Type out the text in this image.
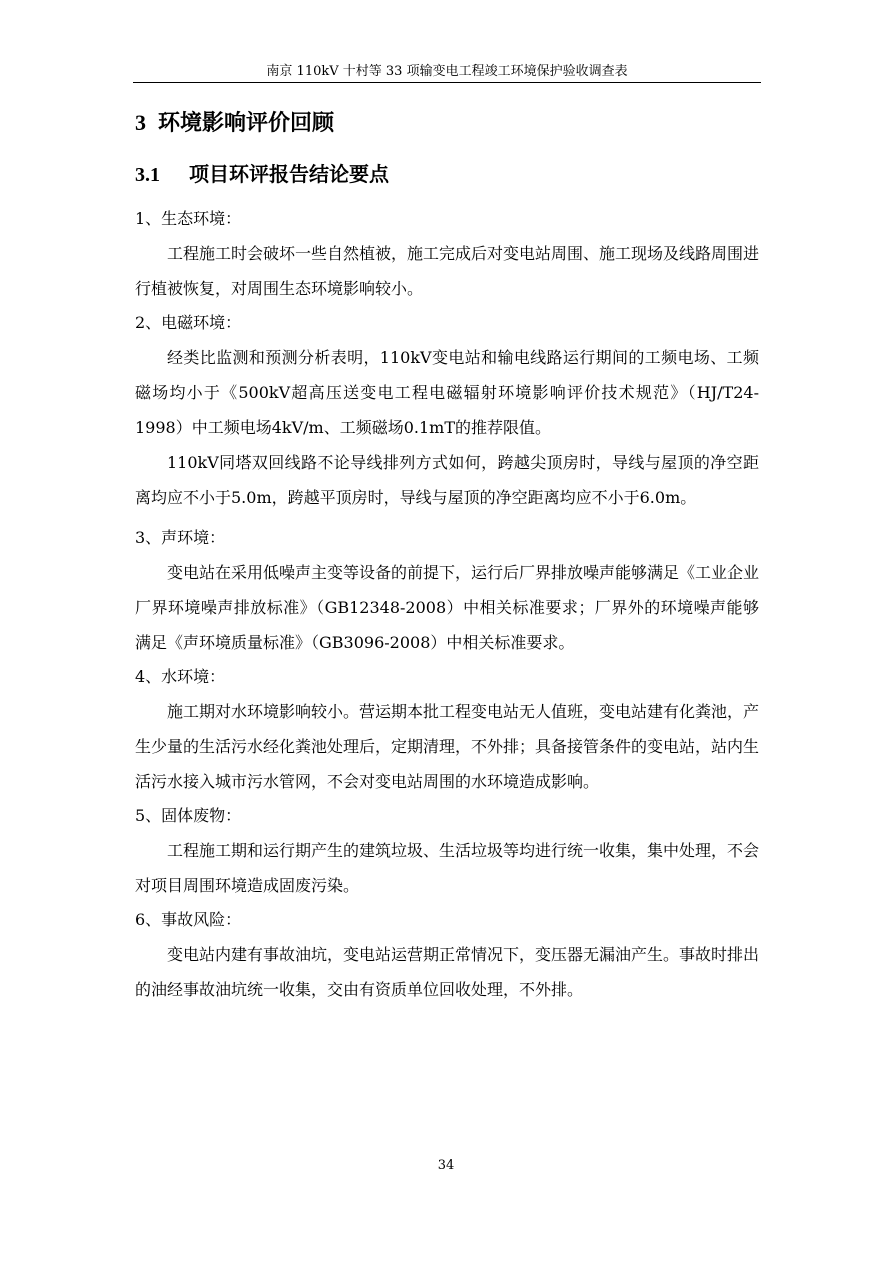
南京 110kV 十村等 33 项输变电工程竣工环境保护验收调查表
3 环境影响评价回顾
3.1 项目环评报告结论要点

1、生态环境：

工程施工时会破坏一些自然植被，施工完成后对变电站周围、施工现场及线路周围进行植被恢复，对周围生态环境影响较小。

2、电磁环境：

经类比监测和预测分析表明，110kV变电站和输电线路运行期间的工频电场、工频磁场均小于《500kV超高压送变电工程电磁辐射环境影响评价技术规范》（HJ/T24-1998）中工频电场4kV/m、工频磁场0.1mT的推荐限值。

110kV同塔双回线路不论导线排列方式如何，跨越尖顶房时，导线与屋顶的净空距离均应不小于5.0m，跨越平顶房时，导线与屋顶的净空距离均应不小于6.0m。

3、声环境：

变电站在采用低噪声主变等设备的前提下，运行后厂界排放噪声能够满足《工业企业厂界环境噪声排放标准》（GB12348-2008）中相关标准要求；厂界外的环境噪声能够满足《声环境质量标准》（GB3096-2008）中相关标准要求。

4、水环境：

施工期对水环境影响较小。营运期本批工程变电站无人值班，变电站建有化粪池，产生少量的生活污水经化粪池处理后，定期清理，不外排；具备接管条件的变电站，站内生活污水接入城市污水管网，不会对变电站周围的水环境造成影响。

5、固体废物：

工程施工期和运行期产生的建筑垃圾、生活垃圾等均进行统一收集，集中处理，不会对项目周围环境造成固废污染。

6、事故风险：

变电站内建有事故油坑，变电站运营期正常情况下，变压器无漏油产生。事故时排出的油经事故油坑统一收集，交由有资质单位回收处理，不外排。

34
